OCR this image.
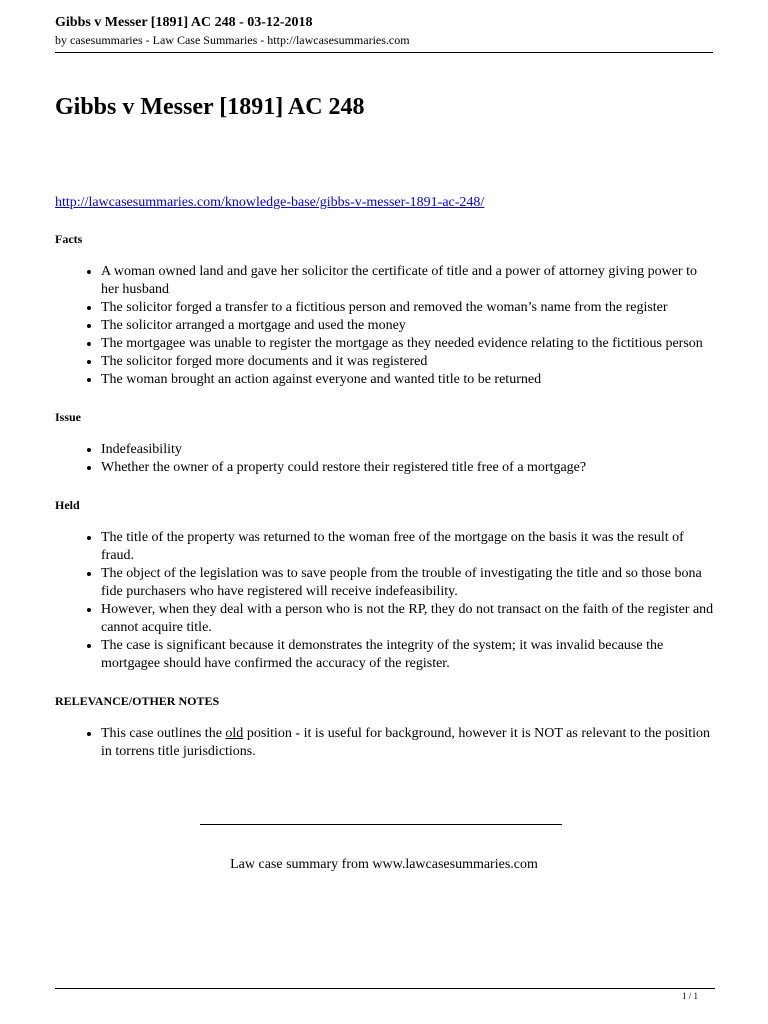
Gibbs v Messer [1891] AC 248 - 03-12-2018
by casesummaries - Law Case Summaries - http://lawcasesummaries.com
Gibbs v Messer [1891] AC 248
http://lawcasesummaries.com/knowledge-base/gibbs-v-messer-1891-ac-248/
Facts
• A woman owned land and gave her solicitor the certificate of title and a power of attorney giving power to her husband
• The solicitor forged a transfer to a fictitious person and removed the woman’s name from the register
• The solicitor arranged a mortgage and used the money
• The mortgagee was unable to register the mortgage as they needed evidence relating to the fictitious person
• The solicitor forged more documents and it was registered
• The woman brought an action against everyone and wanted title to be returned
Issue
• Indefeasibility
• Whether the owner of a property could restore their registered title free of a mortgage?
Held
• The title of the property was returned to the woman free of the mortgage on the basis it was the result of fraud.
• The object of the legislation was to save people from the trouble of investigating the title and so those bona fide purchasers who have registered will receive indefeasibility.
• However, when they deal with a person who is not the RP, they do not transact on the faith of the register and cannot acquire title.
• The case is significant because it demonstrates the integrity of the system; it was invalid because the mortgagee should have confirmed the accuracy of the register.
RELEVANCE/OTHER NOTES
• This case outlines the old position - it is useful for background, however it is NOT as relevant to the position in torrens title jurisdictions.
Law case summary from www.lawcasesummaries.com
1 / 1
